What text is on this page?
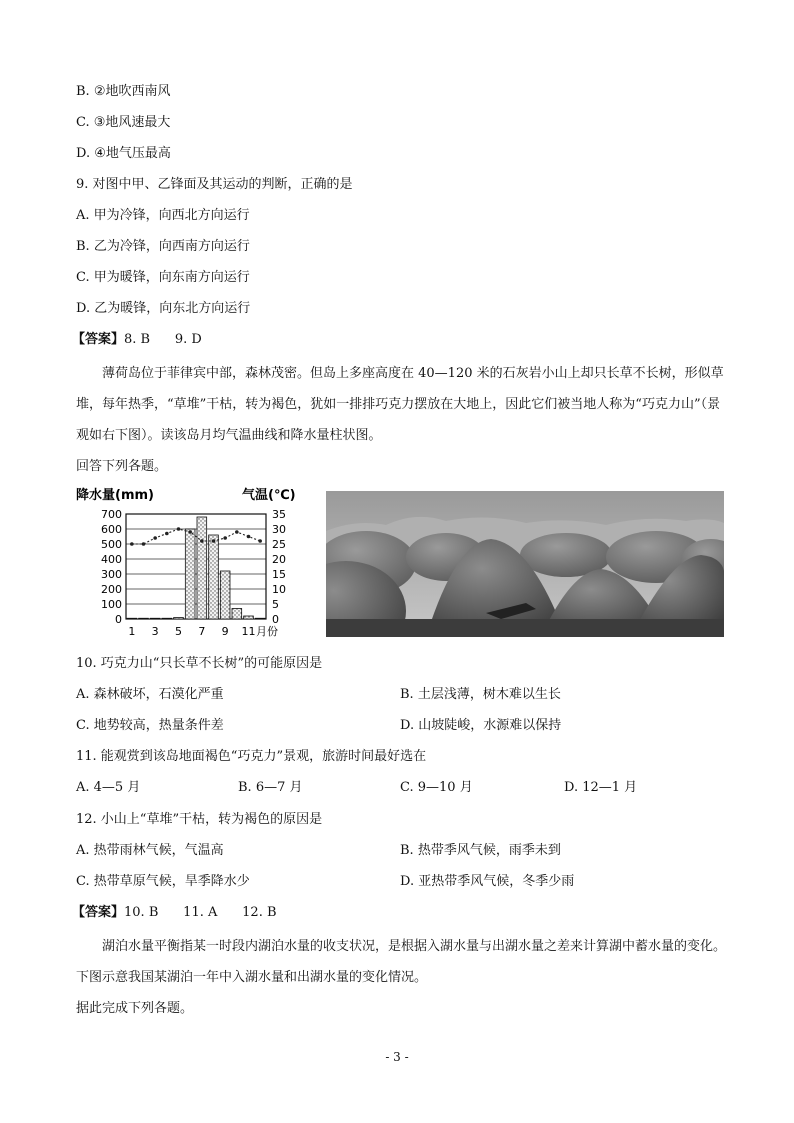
B. ②地吹西南风
C. ③地风速最大
D. ④地气压最高
9. 对图中甲、乙锋面及其运动的判断，正确的是
A. 甲为冷锋，向西北方向运行
B. 乙为冷锋，向西南方向运行
C. 甲为暖锋，向东南方向运行
D. 乙为暖锋，向东北方向运行
【答案】8. B      9. D
薄荷岛位于菲律宾中部，森林茂密。但岛上多座高度在 40—120 米的石灰岩小山上却只长草不长树，形似草堆，每年热季，“草堆”干枯，转为褐色，犹如一排排巧克力摆放在大地上，因此它们被当地人称为“巧克力山”（景观如右下图）。读该岛月均气温曲线和降水量柱状图。
回答下列各题。
降水量(mm)	气温(℃)
700	35
600	30
500	25
400	20
300	15
200	10
100	5
0	0
1 3 5 7 9 11 月份
10. 巧克力山“只长草不长树”的可能原因是
A. 森林破坏，石漠化严重	B. 土层浅薄，树木难以生长
C. 地势较高，热量条件差	D. 山坡陡峻，水源难以保持
11. 能观赏到该岛地面褐色“巧克力”景观，旅游时间最好选在
A. 4—5 月	B. 6—7 月	C. 9—10 月	D. 12—1 月
12. 小山上“草堆”干枯，转为褐色的原因是
A. 热带雨林气候，气温高	B. 热带季风气候，雨季未到
C. 热带草原气候，旱季降水少	D. 亚热带季风气候，冬季少雨
【答案】10. B      11. A      12. B
湖泊水量平衡指某一时段内湖泊水量的收支状况，是根据入湖水量与出湖水量之差来计算湖中蓄水量的变化。下图示意我国某湖泊一年中入湖水量和出湖水量的变化情况。
据此完成下列各题。
- 3 -
